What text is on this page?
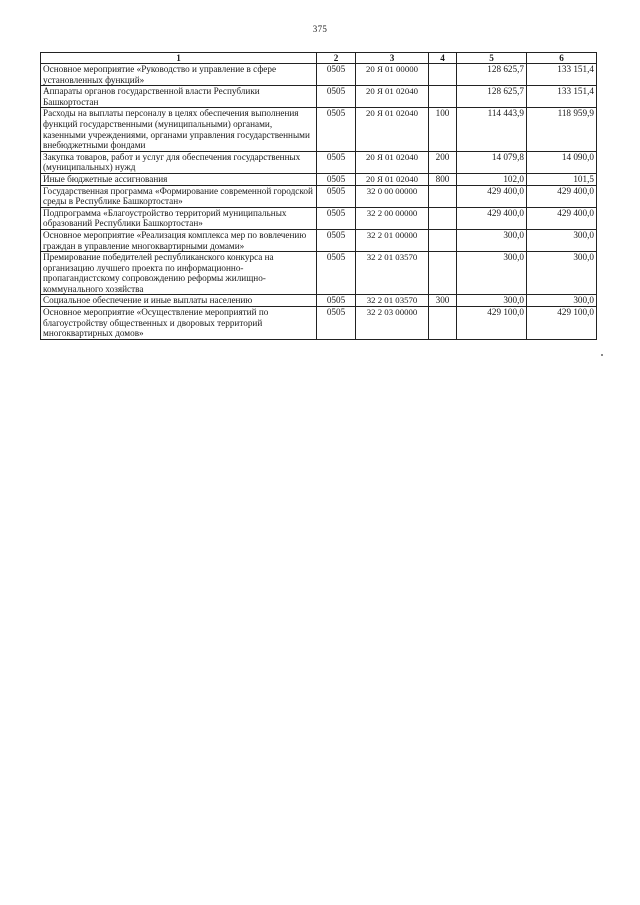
375
1	2	3	4	5	6
Основное мероприятие «Руководство и управление в сфере установленных функций»	0505	20 Я 01 00000		128 625,7	133 151,4
Аппараты органов государственной власти Республики Башкортостан	0505	20 Я 01 02040		128 625,7	133 151,4
Расходы на выплаты персоналу в целях обеспечения выполнения функций государственными (муниципальными) органами, казенными учреждениями, органами управления государственными внебюджетными фондами	0505	20 Я 01 02040	100	114 443,9	118 959,9
Закупка товаров, работ и услуг для обеспечения государственных (муниципальных) нужд	0505	20 Я 01 02040	200	14 079,8	14 090,0
Иные бюджетные ассигнования	0505	20 Я 01 02040	800	102,0	101,5
Государственная программа «Формирование современной городской среды в Республике Башкортостан»	0505	32 0 00 00000		429 400,0	429 400,0
Подпрограмма «Благоустройство территорий муниципальных образований Республики Башкортостан»	0505	32 2 00 00000		429 400,0	429 400,0
Основное мероприятие «Реализация комплекса мер по вовлечению граждан в управление многоквартирными домами»	0505	32 2 01 00000		300,0	300,0
Премирование победителей республиканского конкурса на организацию лучшего проекта по информационно-пропагандистскому сопровождению реформы жилищно-коммунального хозяйства	0505	32 2 01 03570		300,0	300,0
Социальное обеспечение и иные выплаты населению	0505	32 2 01 03570	300	300,0	300,0
Основное мероприятие «Осуществление мероприятий по благоустройству общественных и дворовых территорий многоквартирных домов»	0505	32 2 03 00000		429 100,0	429 100,0
